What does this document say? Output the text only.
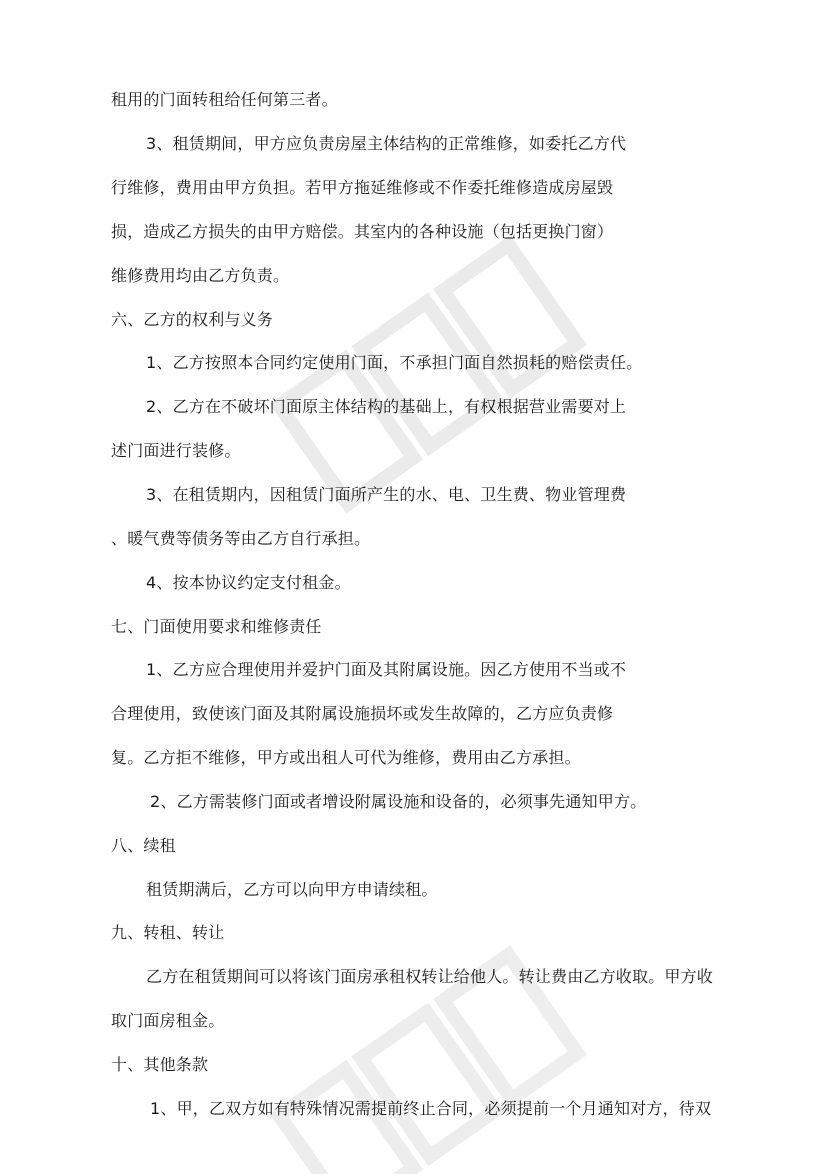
租用的门面转租给任何第三者。
3、租赁期间，甲方应负责房屋主体结构的正常维修，如委托乙方代
行维修，费用由甲方负担。若甲方拖延维修或不作委托维修造成房屋毁
损，造成乙方损失的由甲方赔偿。其室内的各种设施（包括更换门窗）
维修费用均由乙方负责。
六、乙方的权利与义务
1、乙方按照本合同约定使用门面，不承担门面自然损耗的赔偿责任。
2、乙方在不破坏门面原主体结构的基础上，有权根据营业需要对上
述门面进行装修。
3、在租赁期内，因租赁门面所产生的水、电、卫生费、物业管理费
、暖气费等债务等由乙方自行承担。
4、按本协议约定支付租金。
七、门面使用要求和维修责任
1、乙方应合理使用并爱护门面及其附属设施。因乙方使用不当或不
合理使用，致使该门面及其附属设施损坏或发生故障的，乙方应负责修
复。乙方拒不维修，甲方或出租人可代为维修，费用由乙方承担。
2、乙方需装修门面或者增设附属设施和设备的，必须事先通知甲方。
八、续租
租赁期满后，乙方可以向甲方申请续租。
九、转租、转让
乙方在租赁期间可以将该门面房承租权转让给他人。转让费由乙方收取。甲方收
取门面房租金。
十、其他条款
1、甲，乙双方如有特殊情况需提前终止合同，必须提前一个月通知对方，待双
